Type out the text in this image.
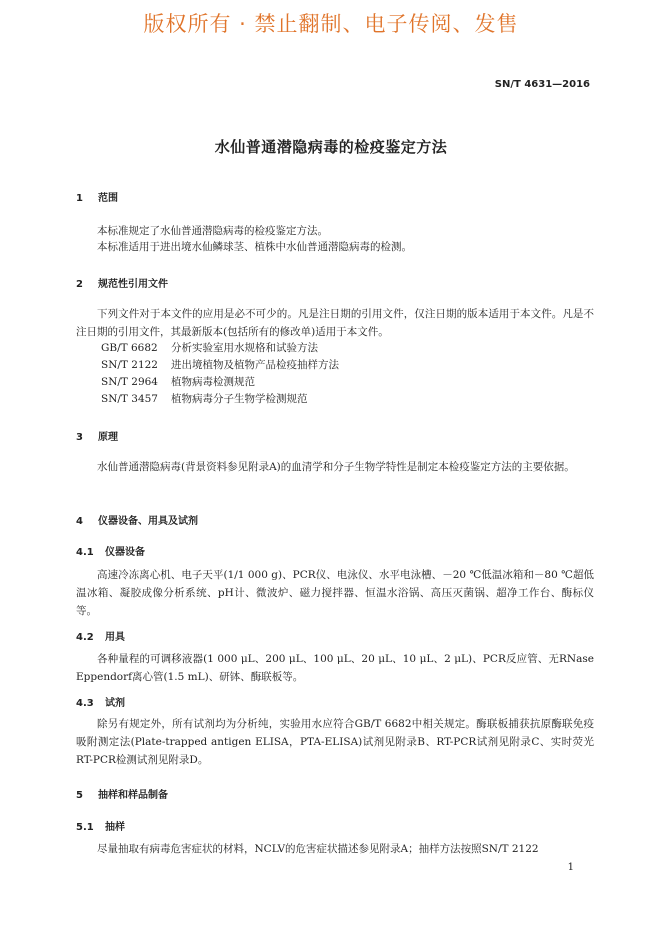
版权所有 · 禁止翻制、电子传阅、发售
SN/T 4631—2016
水仙普通潜隐病毒的检疫鉴定方法
1 范围
本标准规定了水仙普通潜隐病毒的检疫鉴定方法。
本标准适用于进出境水仙鳞球茎、植株中水仙普通潜隐病毒的检测。
2 规范性引用文件
下列文件对于本文件的应用是必不可少的。凡是注日期的引用文件，仅注日期的版本适用于本文件。凡是不注日期的引用文件，其最新版本(包括所有的修改单)适用于本文件。
GB/T 6682 分析实验室用水规格和试验方法
SN/T 2122 进出境植物及植物产品检疫抽样方法
SN/T 2964 植物病毒检测规范
SN/T 3457 植物病毒分子生物学检测规范
3 原理
水仙普通潜隐病毒(背景资料参见附录A)的血清学和分子生物学特性是制定本检疫鉴定方法的主要依据。
4 仪器设备、用具及试剂
4.1 仪器设备
高速冷冻离心机、电子天平(1/1 000 g)、PCR仪、电泳仪、水平电泳槽、－20 ℃低温冰箱和－80 ℃超低温冰箱、凝胶成像分析系统、pH计、微波炉、磁力搅拌器、恒温水浴锅、高压灭菌锅、超净工作台、酶标仪等。
4.2 用具
各种量程的可调移液器(1 000 μL、200 μL、100 μL、20 μL、10 μL、2 μL)、PCR反应管、无RNase Eppendorf离心管(1.5 mL)、研钵、酶联板等。
4.3 试剂
除另有规定外，所有试剂均为分析纯，实验用水应符合GB/T 6682中相关规定。酶联板捕获抗原酶联免疫吸附测定法(Plate-trapped antigen ELISA，PTA-ELISA)试剂见附录B、RT-PCR试剂见附录C、实时荧光RT-PCR检测试剂见附录D。
5 抽样和样品制备
5.1 抽样
尽量抽取有病毒危害症状的材料，NCLV的危害症状描述参见附录A；抽样方法按照SN/T 2122
1
